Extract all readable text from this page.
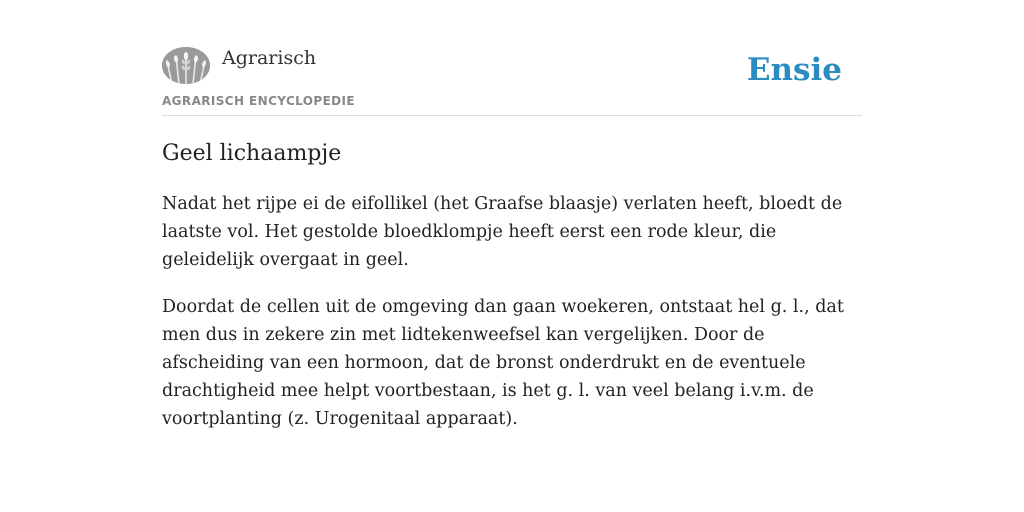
Agrarisch
AGRARISCH ENCYCLOPEDIE
Ensie
Geel lichaampje

Nadat het rijpe ei de eifollikel (het Graafse blaasje) verlaten heeft, bloedt de laatste vol. Het gestolde bloedklompje heeft eerst een rode kleur, die geleidelijk overgaat in geel.

Doordat de cellen uit de omgeving dan gaan woekeren, ontstaat hel g. l., dat men dus in zekere zin met lidtekenweefsel kan vergelijken. Door de afscheiding van een hormoon, dat de bronst onderdrukt en de eventuele drachtigheid mee helpt voortbestaan, is het g. l. van veel belang i.v.m. de voortplanting (z. Urogenitaal apparaat).
